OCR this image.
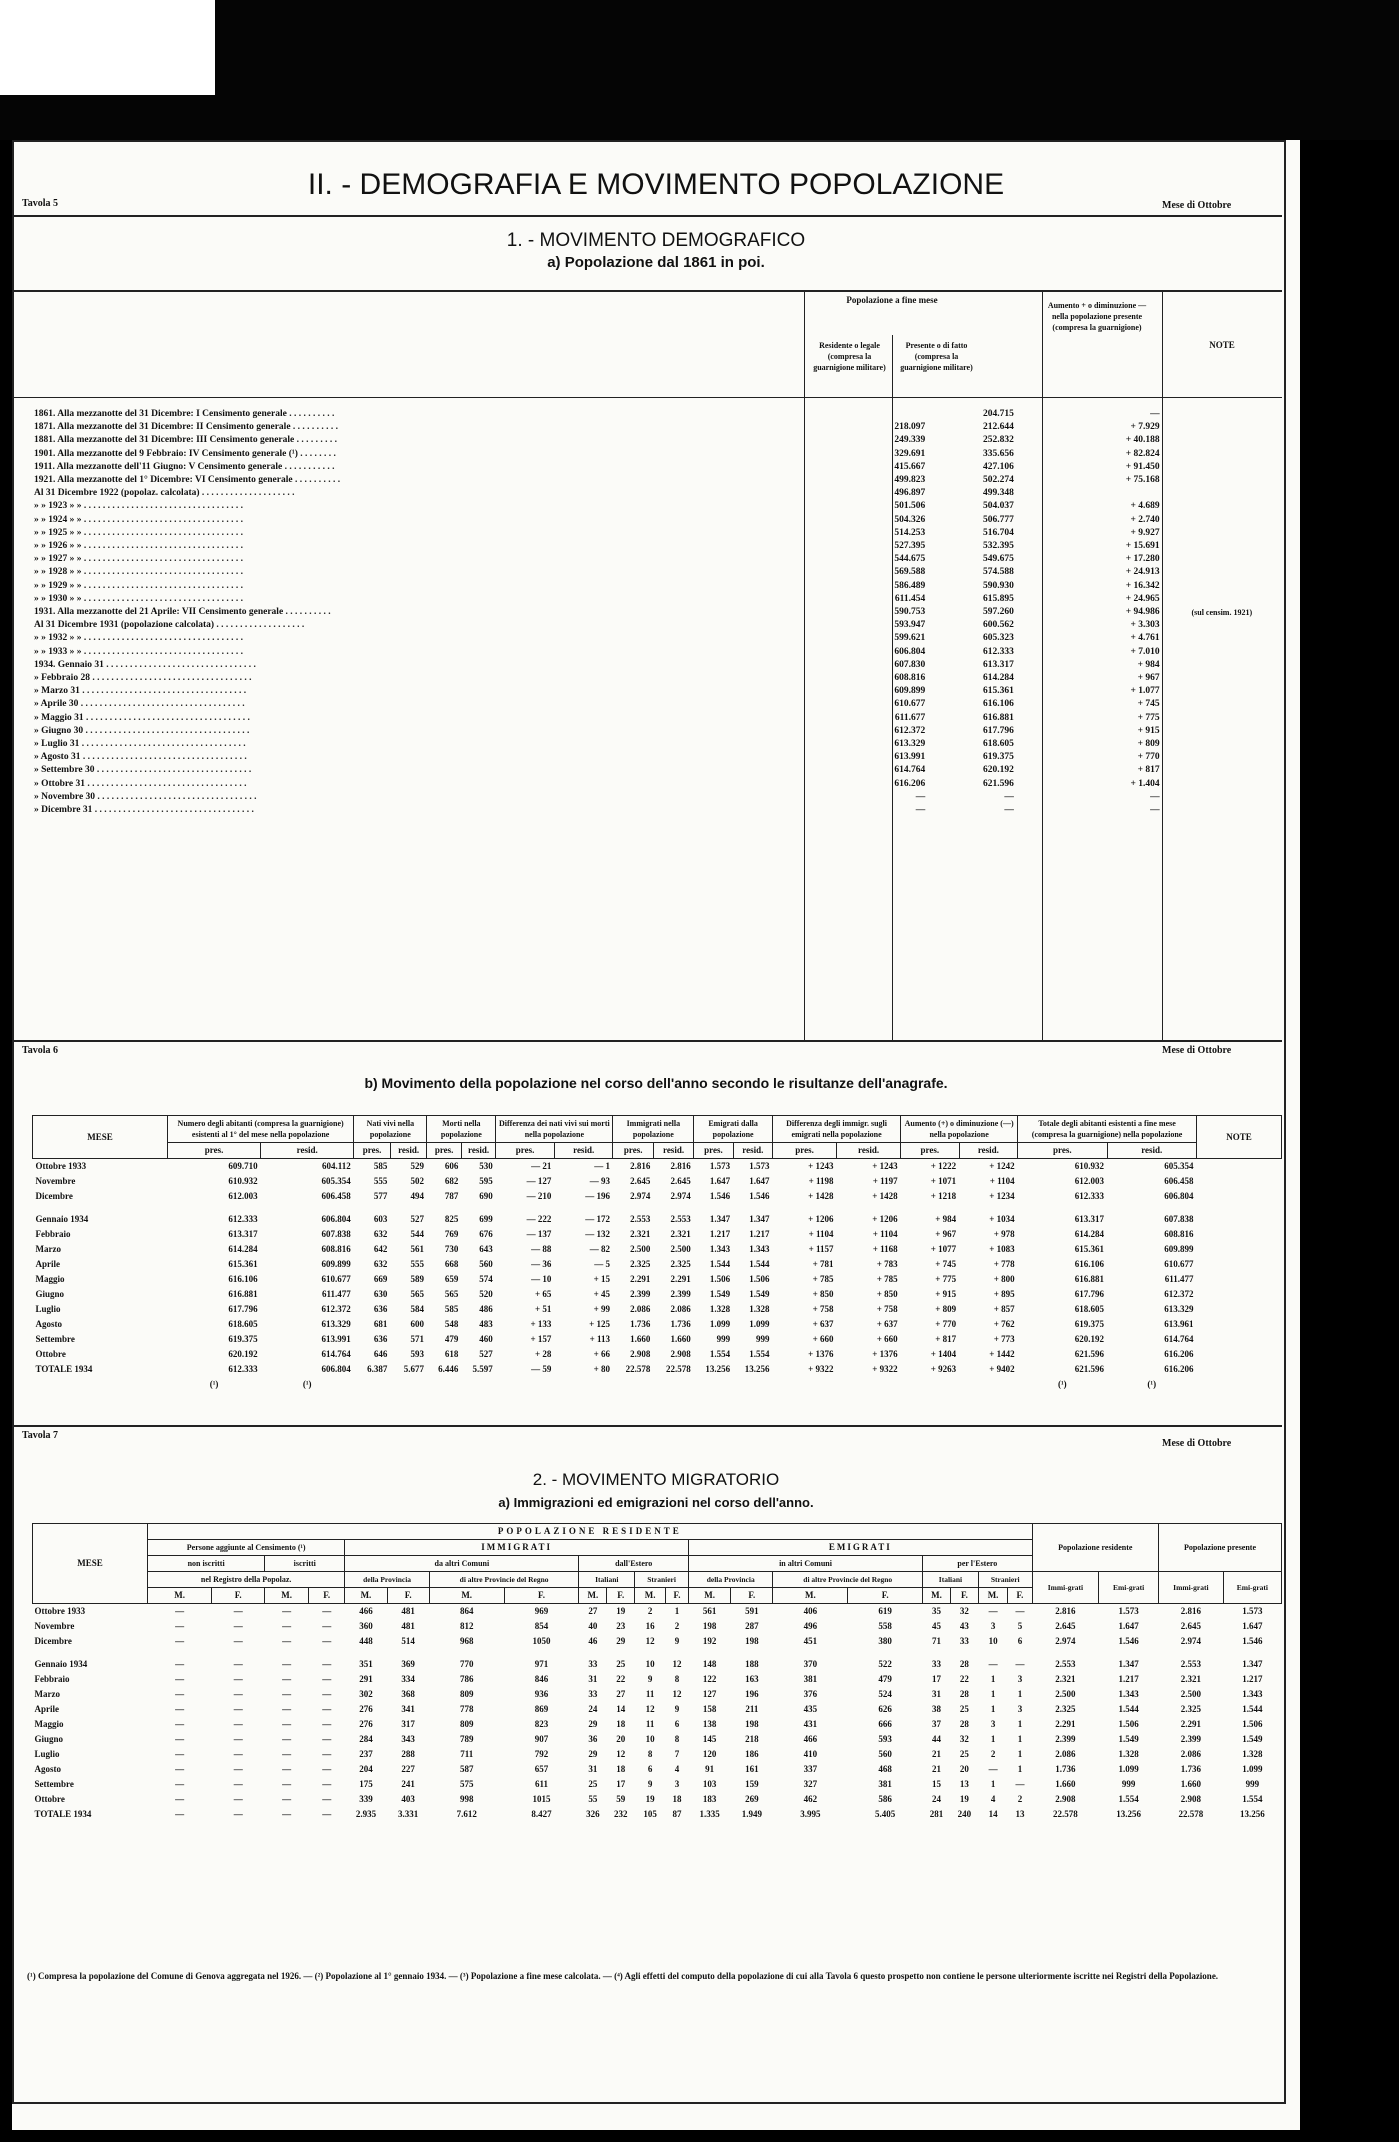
Tavola 5
II. - DEMOGRAFIA E MOVIMENTO POPOLAZIONE
Mese di Ottobre
1. - MOVIMENTO DEMOGRAFICO
a) Popolazione dal 1861 in poi.
Popolazione a fine mese
Residente o legale (compresa la guarnigione militare)
Presente o di fatto (compresa la guarnigione militare)
Aumento + o diminuzione — nella popolazione presente (compresa la guarnigione)
NOTE
1861. Alla mezzanotte del 31 Dicembre: I Censimento generale . . . . . . . . . .		204.715		—	
1871. Alla mezzanotte del 31 Dicembre: II Censimento generale . . . . . . . . . .	218.097	212.644		+ 7.929	
1881. Alla mezzanotte del 31 Dicembre: III Censimento generale . . . . . . . . .	249.339	252.832		+ 40.188	
1901. Alla mezzanotte del 9 Febbraio: IV Censimento generale (¹) . . . . . . . .	329.691	335.656		+ 82.824	
1911. Alla mezzanotte dell'11 Giugno: V Censimento generale . . . . . . . . . . .	415.667	427.106		+ 91.450	
1921. Alla mezzanotte del 1° Dicembre: VI Censimento generale . . . . . . . . . .	499.823	502.274		+ 75.168	
Al 31 Dicembre 1922 (popolaz. calcolata) . . . . . . . . . . . . . . . . . . . .	496.897	499.348			
» » 1923 » » . . . . . . . . . . . . . . . . . . . . . . . . . . . . . . . . . .	501.506	504.037		+ 4.689	
» » 1924 » » . . . . . . . . . . . . . . . . . . . . . . . . . . . . . . . . . .	504.326	506.777		+ 2.740	
» » 1925 » » . . . . . . . . . . . . . . . . . . . . . . . . . . . . . . . . . .	514.253	516.704		+ 9.927	
» » 1926 » » . . . . . . . . . . . . . . . . . . . . . . . . . . . . . . . . . .	527.395	532.395		+ 15.691	
» » 1927 » » . . . . . . . . . . . . . . . . . . . . . . . . . . . . . . . . . .	544.675	549.675		+ 17.280	
» » 1928 » » . . . . . . . . . . . . . . . . . . . . . . . . . . . . . . . . . .	569.588	574.588		+ 24.913	
» » 1929 » » . . . . . . . . . . . . . . . . . . . . . . . . . . . . . . . . . .	586.489	590.930		+ 16.342	
» » 1930 » » . . . . . . . . . . . . . . . . . . . . . . . . . . . . . . . . . .	611.454	615.895		+ 24.965	
1931. Alla mezzanotte del 21 Aprile: VII Censimento generale . . . . . . . . . .	590.753	597.260		+ 94.986	(sul censim. 1921)
Al 31 Dicembre 1931 (popolazione calcolata) . . . . . . . . . . . . . . . . . . .	593.947	600.562		+ 3.303	
» » 1932 » » . . . . . . . . . . . . . . . . . . . . . . . . . . . . . . . . . .	599.621	605.323		+ 4.761	
» » 1933 » » . . . . . . . . . . . . . . . . . . . . . . . . . . . . . . . . . .	606.804	612.333		+ 7.010	
1934. Gennaio 31 . . . . . . . . . . . . . . . . . . . . . . . . . . . . . . . .	607.830	613.317		+ 984	
» Febbraio 28 . . . . . . . . . . . . . . . . . . . . . . . . . . . . . . . . . .	608.816	614.284		+ 967	
» Marzo 31 . . . . . . . . . . . . . . . . . . . . . . . . . . . . . . . . . . .	609.899	615.361		+ 1.077	
» Aprile 30 . . . . . . . . . . . . . . . . . . . . . . . . . . . . . . . . . . .	610.677	616.106		+ 745	
» Maggio 31 . . . . . . . . . . . . . . . . . . . . . . . . . . . . . . . . . . .	611.677	616.881		+ 775	
» Giugno 30 . . . . . . . . . . . . . . . . . . . . . . . . . . . . . . . . . . .	612.372	617.796		+ 915	
» Luglio 31 . . . . . . . . . . . . . . . . . . . . . . . . . . . . . . . . . . .	613.329	618.605		+ 809	
» Agosto 31 . . . . . . . . . . . . . . . . . . . . . . . . . . . . . . . . . . .	613.991	619.375		+ 770	
» Settembre 30 . . . . . . . . . . . . . . . . . . . . . . . . . . . . . . . . .	614.764	620.192		+ 817	
» Ottobre 31 . . . . . . . . . . . . . . . . . . . . . . . . . . . . . . . . . .	616.206	621.596		+ 1.404	
» Novembre 30 . . . . . . . . . . . . . . . . . . . . . . . . . . . . . . . . . .	—	—		—	
» Dicembre 31 . . . . . . . . . . . . . . . . . . . . . . . . . . . . . . . . . .	—	—		—	
Tavola 6	Mese di Ottobre
b) Movimento della popolazione nel corso dell'anno secondo le risultanze dell'anagrafe.
MESE	Numero degli abitanti (compresa la guarnigione) esistenti al 1° del mese nella popolazione		Nati vivi nella popolazione		Morti nella popolazione		Differenza dei nati vivi sui morti nella popolazione		Immigrati nella popolazione		Emigrati dalla popolazione		Differenza degli immigr. sugli emigrati nella popolazione		Aumento (+) o diminuzione (—) nella popolazione		Totale degli abitanti esistenti a fine mese (compresa la guarnigione) nella popolazione		NOTE
	pres.	resid.	pres.	resid.	pres.	resid.	pres.	resid.	pres.	resid.	pres.	resid.	pres.	resid.	pres.	resid.	pres.	resid.	
Ottobre 1933	609.710	604.112	585	529	606	530	— 21	— 1	2.816	2.816	1.573	1.573	+ 1243	+ 1243	+ 1222	+ 1242	610.932	605.354	
Novembre	610.932	605.354	555	502	682	595	— 127	— 93	2.645	2.645	1.647	1.647	+ 1198	+ 1197	+ 1071	+ 1104	612.003	606.458	
Dicembre	612.003	606.458	577	494	787	690	— 210	— 196	2.974	2.974	1.546	1.546	+ 1428	+ 1428	+ 1218	+ 1234	612.333	606.804	

Gennaio 1934	612.333	606.804	603	527	825	699	— 222	— 172	2.553	2.553	1.347	1.347	+ 1206	+ 1206	+ 984	+ 1034	613.317	607.838	
Febbraio	613.317	607.838	632	544	769	676	— 137	— 132	2.321	2.321	1.217	1.217	+ 1104	+ 1104	+ 967	+ 978	614.284	608.816	
Marzo	614.284	608.816	642	561	730	643	— 88	— 82	2.500	2.500	1.343	1.343	+ 1157	+ 1168	+ 1077	+ 1083	615.361	609.899	
Aprile	615.361	609.899	632	555	668	560	— 36	— 5	2.325	2.325	1.544	1.544	+ 781	+ 783	+ 745	+ 778	616.106	610.677	
Maggio	616.106	610.677	669	589	659	574	— 10	+ 15	2.291	2.291	1.506	1.506	+ 785	+ 785	+ 775	+ 800	616.881	611.477	
Giugno	616.881	611.477	630	565	565	520	+ 65	+ 45	2.399	2.399	1.549	1.549	+ 850	+ 850	+ 915	+ 895	617.796	612.372	
Luglio	617.796	612.372	636	584	585	486	+ 51	+ 99	2.086	2.086	1.328	1.328	+ 758	+ 758	+ 809	+ 857	618.605	613.329	
Agosto	618.605	613.329	681	600	548	483	+ 133	+ 125	1.736	1.736	1.099	1.099	+ 637	+ 637	+ 770	+ 762	619.375	613.961	
Settembre	619.375	613.991	636	571	479	460	+ 157	+ 113	1.660	1.660	999	999	+ 660	+ 660	+ 817	+ 773	620.192	614.764	
Ottobre	620.192	614.764	646	593	618	527	+ 28	+ 66	2.908	2.908	1.554	1.554	+ 1376	+ 1376	+ 1404	+ 1442	621.596	616.206	
TOTALE 1934	612.333	606.804	6.387	5.677	6.446	5.597	— 59	+ 80	22.578	22.578	13.256	13.256	+ 9322	+ 9322	+ 9263	+ 9402	621.596	616.206	
	(¹)	(¹)															(¹)	(¹)	
Tavola 7
Mese di Ottobre
2. - MOVIMENTO MIGRATORIO
a) Immigrazioni ed emigrazioni nel corso dell'anno.
MESE	POPOLAZIONE RESIDENTE																				Popolazione residente		Popolazione presente	
	Persone aggiunte al Censimento (¹)				IMMIGRATI								EMIGRATI											
	non iscritti		iscritti		da altri Comuni				dall'Estero				in altri Comuni				per l'Estero							
	nel Registro della Popolaz.				della Provincia		di altre Provincie del Regno		Italiani		Stranieri		della Provincia		di altre Provincie del Regno		Italiani		Stranieri		Immi-grati	Emi-grati	Immi-grati	Emi-grati
	M.	F.	M.	F.	M.	F.	M.	F.	M.	F.	M.	F.	M.	F.	M.	F.	M.	F.	M.	F.				
Ottobre 1933	—	—	—	—	466	481	864	969	27	19	2	1	561	591	406	619	35	32	—	—	2.816	1.573	2.816	1.573
Novembre	—	—	—	—	360	481	812	854	40	23	16	2	198	287	496	558	45	43	3	5	2.645	1.647	2.645	1.647
Dicembre	—	—	—	—	448	514	968	1050	46	29	12	9	192	198	451	380	71	33	10	6	2.974	1.546	2.974	1.546

Gennaio 1934	—	—	—	—	351	369	770	971	33	25	10	12	148	188	370	522	33	28	—	—	2.553	1.347	2.553	1.347
Febbraio	—	—	—	—	291	334	786	846	31	22	9	8	122	163	381	479	17	22	1	3	2.321	1.217	2.321	1.217
Marzo	—	—	—	—	302	368	809	936	33	27	11	12	127	196	376	524	31	28	1	1	2.500	1.343	2.500	1.343
Aprile	—	—	—	—	276	341	778	869	24	14	12	9	158	211	435	626	38	25	1	3	2.325	1.544	2.325	1.544
Maggio	—	—	—	—	276	317	809	823	29	18	11	6	138	198	431	666	37	28	3	1	2.291	1.506	2.291	1.506
Giugno	—	—	—	—	284	343	789	907	36	20	10	8	145	218	466	593	44	32	1	1	2.399	1.549	2.399	1.549
Luglio	—	—	—	—	237	288	711	792	29	12	8	7	120	186	410	560	21	25	2	1	2.086	1.328	2.086	1.328
Agosto	—	—	—	—	204	227	587	657	31	18	6	4	91	161	337	468	21	20	—	1	1.736	1.099	1.736	1.099
Settembre	—	—	—	—	175	241	575	611	25	17	9	3	103	159	327	381	15	13	1	—	1.660	999	1.660	999
Ottobre	—	—	—	—	339	403	998	1015	55	59	19	18	183	269	462	586	24	19	4	2	2.908	1.554	2.908	1.554
TOTALE 1934	—	—	—	—	2.935	3.331	7.612	8.427	326	232	105	87	1.335	1.949	3.995	5.405	281	240	14	13	22.578	13.256	22.578	13.256
(¹) Compresa la popolazione del Comune di Genova aggregata nel 1926. — (²) Popolazione al 1° gennaio 1934. — (³) Popolazione a fine mese calcolata. — (⁴) Agli effetti del computo della popolazione di cui alla Tavola 6 questo prospetto non contiene le persone ulteriormente iscritte nei Registri della Popolazione.
